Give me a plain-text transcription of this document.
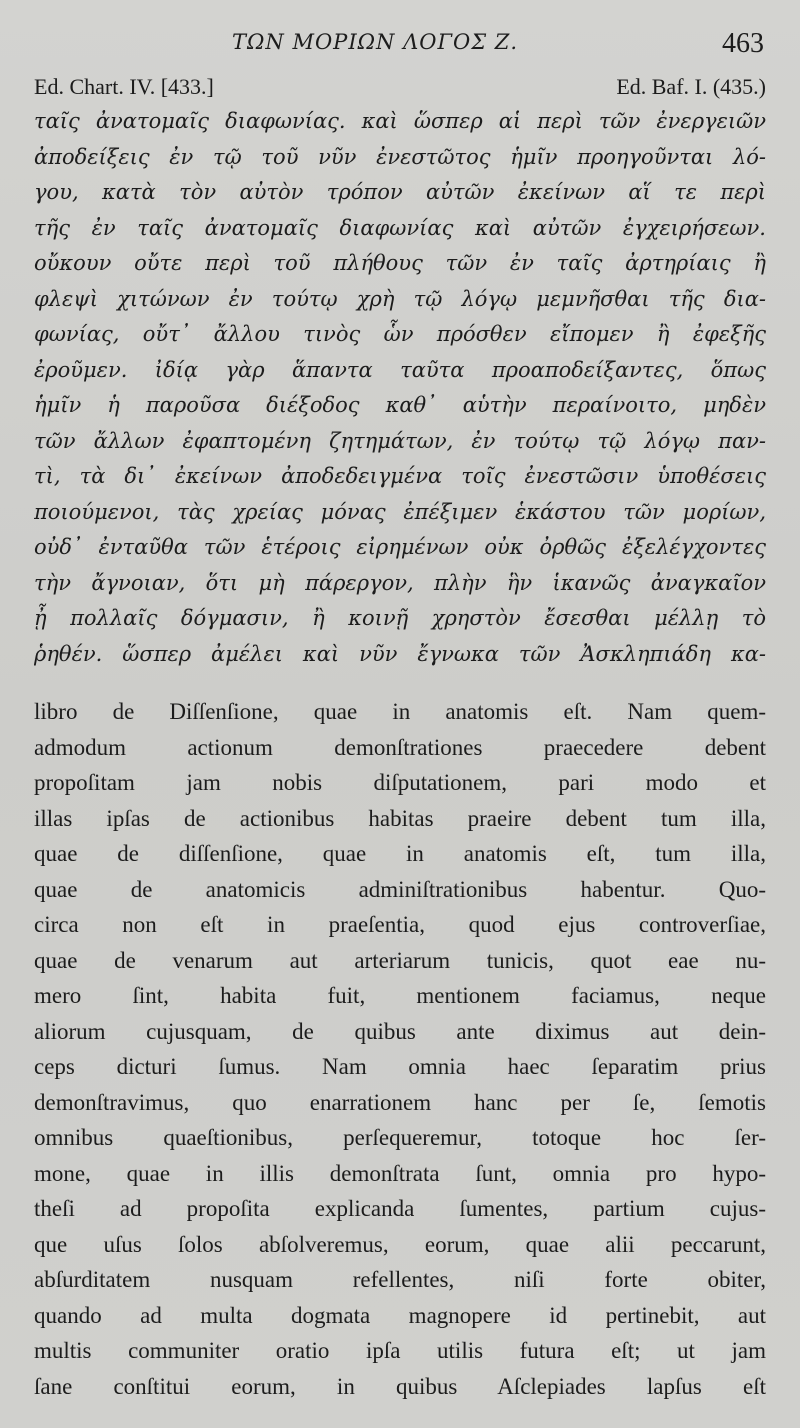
ΤΩΝ ΜΟΡΙΩΝ ΛΟΓΟΣ Ζ.	463
Ed. Chart. IV. [433.]	Ed. Baf. I. (435.)
ταῖς ἀνατομαῖς διαφωνίας. καὶ ὥσπερ αἱ περὶ τῶν ἐνεργειῶν
ἀποδείξεις ἐν τῷ τοῦ νῦν ἐνεστῶτος ἡμῖν προηγοῦνται λό-
γου, κατὰ τὸν αὐτὸν τρόπον αὐτῶν ἐκείνων αἵ τε περὶ
τῆς ἐν ταῖς ἀνατομαῖς διαφωνίας καὶ αὐτῶν ἐγχειρήσεων.
οὔκουν οὔτε περὶ τοῦ πλήθους τῶν ἐν ταῖς ἀρτηρίαις ἢ
φλεψὶ χιτώνων ἐν τούτῳ χρὴ τῷ λόγῳ μεμνῆσθαι τῆς δια-
φωνίας, οὔτ᾽ ἄλλου τινὸς ὧν πρόσθεν εἴπομεν ἢ ἐφεξῆς
ἐροῦμεν. ἰδίᾳ γὰρ ἅπαντα ταῦτα προαποδείξαντες, ὅπως
ἡμῖν ἡ παροῦσα διέξοδος καθ᾽ αὑτὴν περαίνοιτο, μηδὲν
τῶν ἄλλων ἐφαπτομένη ζητημάτων, ἐν τούτῳ τῷ λόγῳ παν-
τὶ, τὰ δι᾽ ἐκείνων ἀποδεδειγμένα τοῖς ἐνεστῶσιν ὑποθέσεις
ποιούμενοι, τὰς χρείας μόνας ἐπέξιμεν ἑκάστου τῶν μορίων,
οὐδ᾽ ἐνταῦθα τῶν ἑτέροις εἰρημένων οὐκ ὀρθῶς ἐξελέγχοντες
τὴν ἄγνοιαν, ὅτι μὴ πάρεργον, πλὴν ἣν ἱκανῶς ἀναγκαῖον
ᾖ πολλαῖς δόγμασιν, ἢ κοινῇ χρηστὸν ἔσεσθαι μέλλῃ τὸ
ῥηθέν. ὥσπερ ἀμέλει καὶ νῦν ἔγνωκα τῶν Ἀσκληπιάδη κα-
libro de Diſſenſione, quae in anatomis eſt. Nam quem-
admodum actionum demonſtrationes praecedere debent
propoſitam jam nobis diſputationem, pari modo et
illas ipſas de actionibus habitas praeire debent tum illa,
quae de diſſenſione, quae in anatomis eſt, tum illa,
quae de anatomicis adminiſtrationibus habentur. Quo-
circa non eſt in praeſentia, quod ejus controverſiae,
quae de venarum aut arteriarum tunicis, quot eae nu-
mero ſint, habita fuit, mentionem faciamus, neque
aliorum cujusquam, de quibus ante diximus aut dein-
ceps dicturi ſumus. Nam omnia haec ſeparatim prius
demonſtravimus, quo enarrationem hanc per ſe, ſemotis
omnibus quaeſtionibus, perſequeremur, totoque hoc ſer-
mone, quae in illis demonſtrata ſunt, omnia pro hypo-
theſi ad propoſita explicanda ſumentes, partium cujus-
que uſus ſolos abſolveremus, eorum, quae alii peccarunt,
abſurditatem nusquam refellentes, niſi forte obiter,
quando ad multa dogmata magnopere id pertinebit, aut
multis communiter oratio ipſa utilis futura eſt; ut jam
ſane conſtitui eorum, in quibus Aſclepiades lapſus eſt
